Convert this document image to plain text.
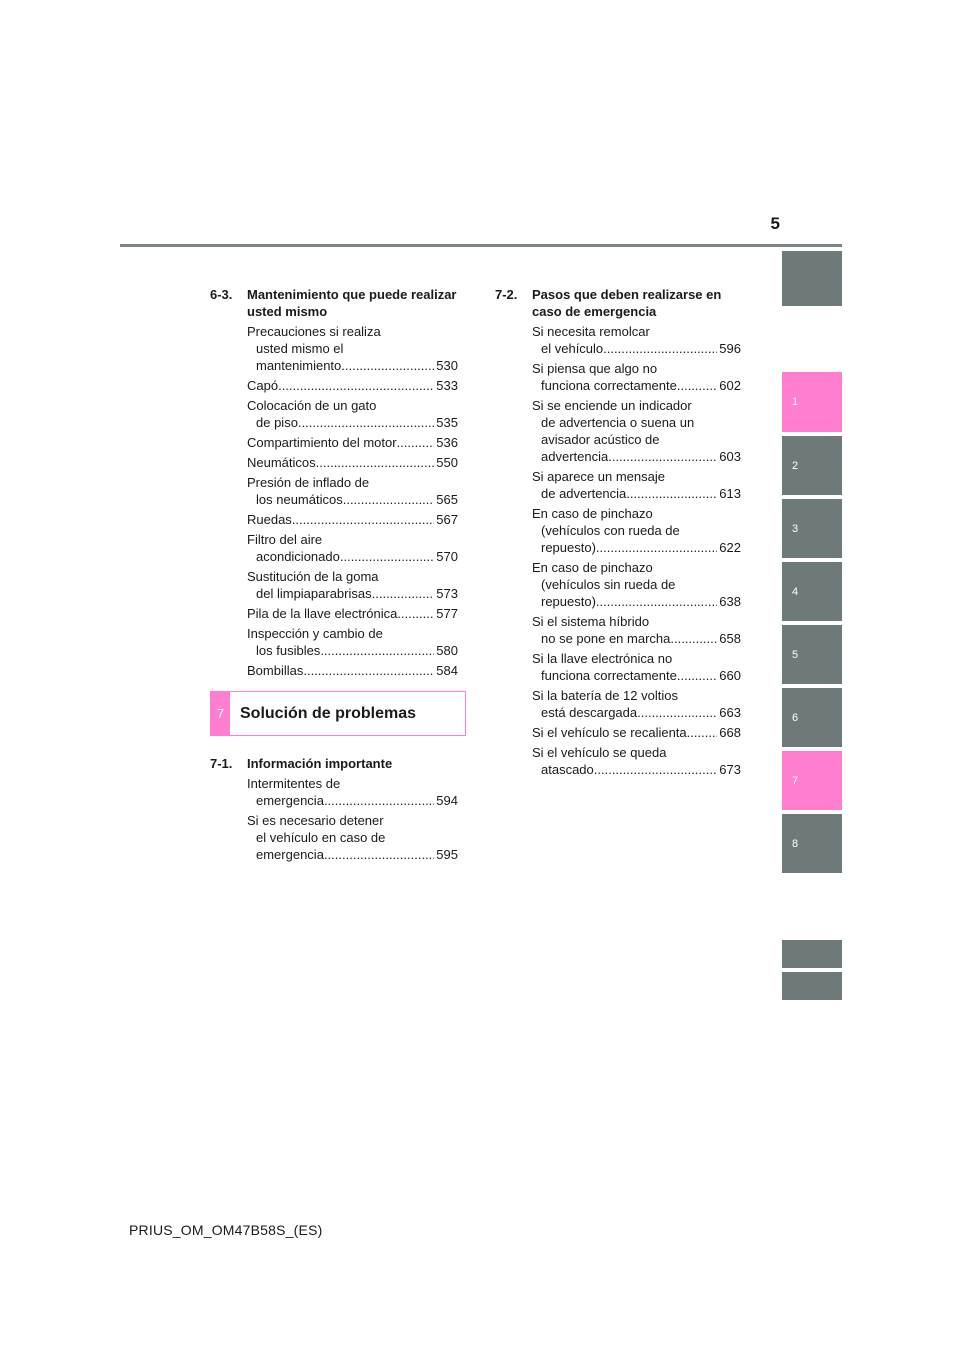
5
1
2
3
4
5
6
7
8
6-3.	Mantenimiento que puede realizar usted mismo
Precauciones si realiza
usted mismo el
mantenimiento .....	530
Capó .....	533
Colocación de un gato
de piso .....	535
Compartimiento del motor .....	536
Neumáticos .....	550
Presión de inflado de
los neumáticos .....	565
Ruedas .....	567
Filtro del aire
acondicionado .....	570
Sustitución de la goma
del limpiaparabrisas .....	573
Pila de la llave electrónica .....	577
Inspección y cambio de
los fusibles .....	580
Bombillas .....	584
7 Solución de problemas
7-1.	Información importante
Intermitentes de
emergencia .....	594
Si es necesario detener
el vehículo en caso de
emergencia .....	595
7-2.	Pasos que deben realizarse en caso de emergencia
Si necesita remolcar
el vehículo .....	596
Si piensa que algo no
funciona correctamente .....	602
Si se enciende un indicador
de advertencia o suena un
avisador acústico de
advertencia .....	603
Si aparece un mensaje
de advertencia .....	613
En caso de pinchazo
(vehículos con rueda de
repuesto) .....	622
En caso de pinchazo
(vehículos sin rueda de
repuesto) .....	638
Si el sistema híbrido
no se pone en marcha .....	658
Si la llave electrónica no
funciona correctamente .....	660
Si la batería de 12 voltios
está descargada .....	663
Si el vehículo se recalienta .....	668
Si el vehículo se queda
atascado .....	673
PRIUS_OM_OM47B58S_(ES)
